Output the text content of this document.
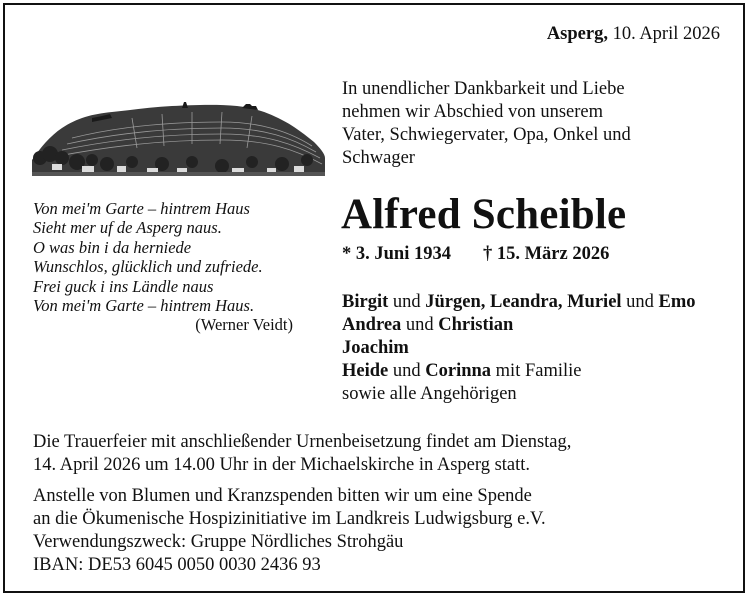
Asperg, 10. April 2026
In unendlicher Dankbarkeit und Liebe
nehmen wir Abschied von unserem
Vater, Schwiegervater, Opa, Onkel und
Schwager
Alfred Scheible
* 3. Juni 1934 † 15. März 2026
Von mei'm Garte – hintrem Haus
Sieht mer uf de Asperg naus.
O was bin i da herniede
Wunschlos, glücklich und zufriede.
Frei guck i ins Ländle naus
Von mei'm Garte – hintrem Haus.
(Werner Veidt)
Birgit und Jürgen, Leandra, Muriel und Emo
Andrea und Christian
Joachim
Heide und Corinna mit Familie
sowie alle Angehörigen
Die Trauerfeier mit anschließender Urnenbeisetzung findet am Dienstag,
14. April 2026 um 14.00 Uhr in der Michaelskirche in Asperg statt.
Anstelle von Blumen und Kranzspenden bitten wir um eine Spende
an die Ökumenische Hospizinitiative im Landkreis Ludwigsburg e.V.
Verwendungszweck: Gruppe Nördliches Strohgäu
IBAN: DE53 6045 0050 0030 2436 93
